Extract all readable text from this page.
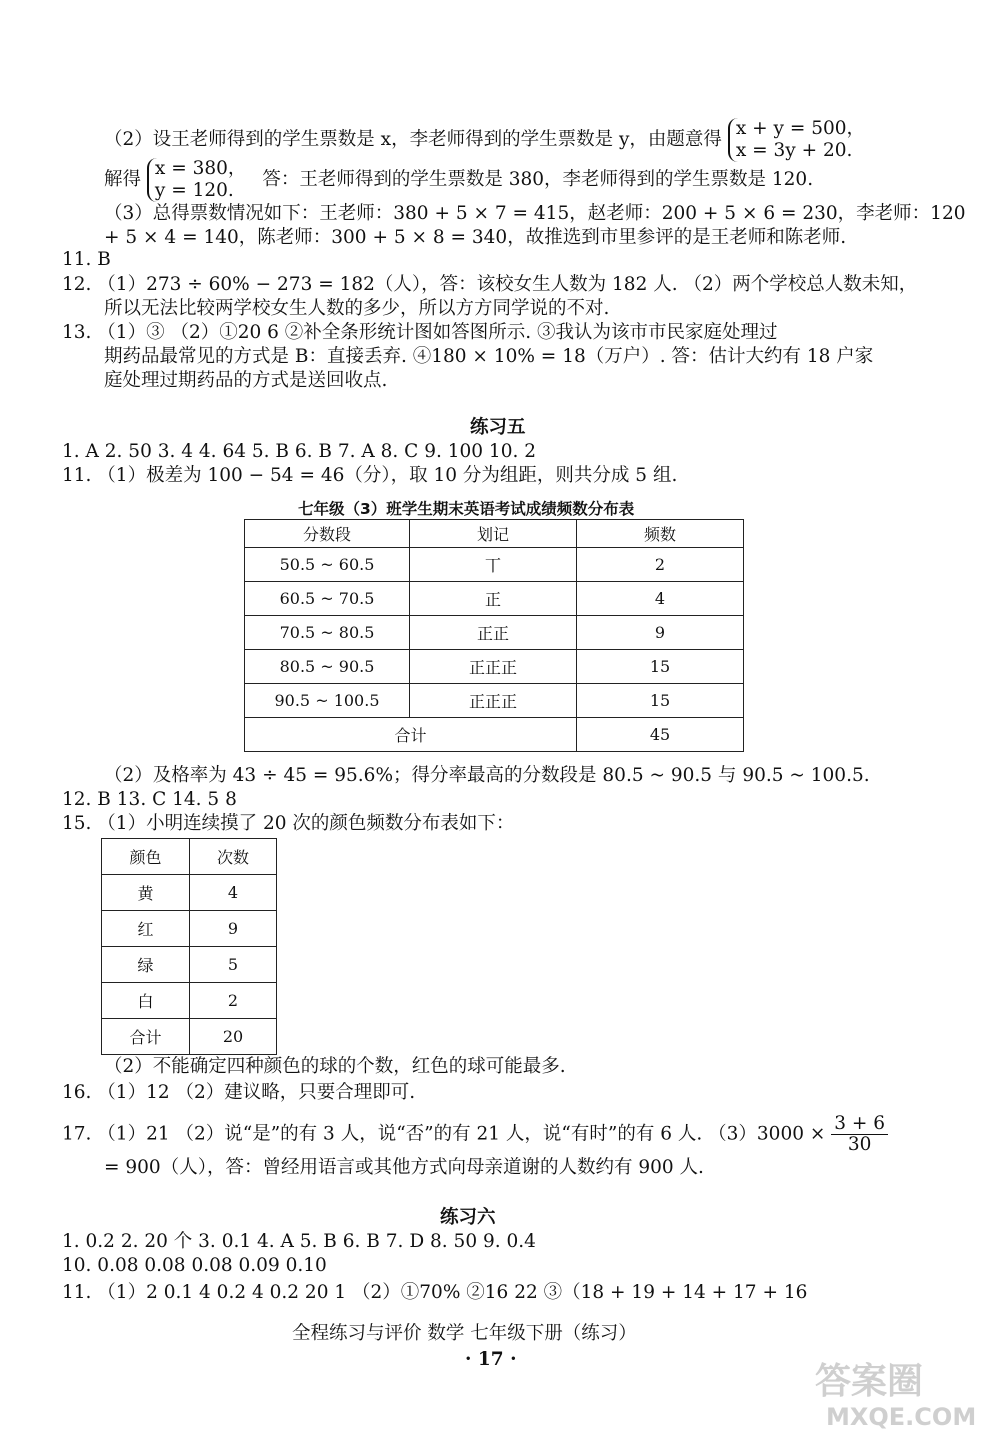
（2）设王老师得到的学生票数是 x，李老师得到的学生票数是 y，由题意得
x + y = 500，
x = 3y + 20.
解得
x = 380，
y = 120.
答：王老师得到的学生票数是 380，李老师得到的学生票数是 120.
（3）总得票数情况如下：王老师：380 + 5 × 7 = 415，赵老师：200 + 5 × 6 = 230，李老师：120
+ 5 × 4 = 140，陈老师：300 + 5 × 8 = 340，故推选到市里参评的是王老师和陈老师.
11. B
12. （1）273 ÷ 60% − 273 = 182（人），答：该校女生人数为 182 人. （2）两个学校总人数未知，
所以无法比较两学校女生人数的多少，所以方方同学说的不对.
13. （1）③ （2）①20 6 ②补全条形统计图如答图所示. ③我认为该市市民家庭处理过
期药品最常见的方式是 B：直接丢弃. ④180 × 10% = 18（万户）. 答：估计大约有 18 户家
庭处理过期药品的方式是送回收点.
练习五
1. A 2. 50 3. 4 4. 64 5. B 6. B 7. A 8. C 9. 100 10. 2
11. （1）极差为 100 − 54 = 46（分），取 10 分为组距，则共分成 5 组.
七年级（3）班学生期末英语考试成绩频数分布表
分数段	划记	频数
50.5 ~ 60.5	丅	2
60.5 ~ 70.5	正	4
70.5 ~ 80.5	正正	9
80.5 ~ 90.5	正正正	15
90.5 ~ 100.5	正正正	15
合计		45
（2）及格率为 43 ÷ 45 = 95.6%；得分率最高的分数段是 80.5 ~ 90.5 与 90.5 ~ 100.5.
12. B 13. C 14. 5 8
15. （1）小明连续摸了 20 次的颜色频数分布表如下：
颜色	次数
黄	4
红	9
绿	5
白	2
合计	20
（2）不能确定四种颜色的球的个数，红色的球可能最多.
16. （1）12 （2）建议略，只要合理即可.
17. （1）21 （2）说“是”的有 3 人，说“否”的有 21 人，说“有时”的有 6 人. $(3)3000 \times \frac{3 + 6}{30}$
= 900（人），答：曾经用语言或其他方式向母亲道谢的人数约有 900 人.
练习六
1. 0.2 2. 20 个 3. 0.1 4. A 5. B 6. B 7. D 8. 50 9. 0.4
10. 0.08 0.08 0.08 0.09 0.10
11. （1）2 0.1 4 0.2 4 0.2 20 1 （2）①70% ②16 22 ③（18 + 19 + 14 + 17 + 16
全程练习与评价 数学 七年级下册（练习）
· 17 ·
答案圈
MXQE.COM
